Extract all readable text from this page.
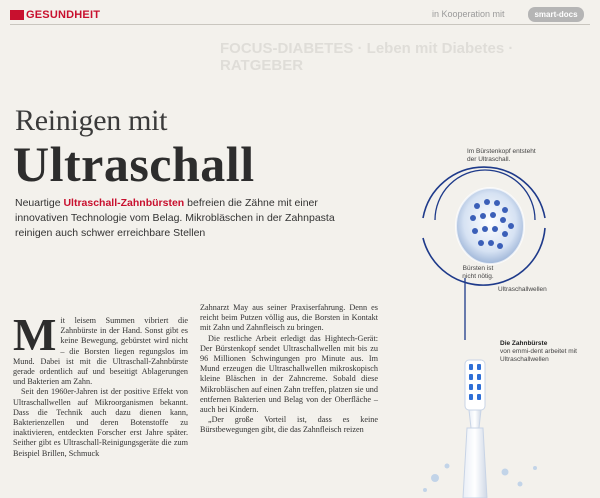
GESUNDHEIT	in Kooperation mit	smart-docs
FOCUS-DIABETES · Leben mit Diabetes · RATGEBER
Reinigen mit
Ultraschall
Neuartige Ultraschall-Zahnbürsten befreien die Zähne mit einer innovativen Technologie vom Belag. Mikrobläschen in der Zahnpasta reinigen auch schwer erreichbare Stellen
M it leisem Summen vibriert die Zahnbürste in der Hand. Sonst gibt es keine Bewegung, gebürstet wird nicht – die Borsten liegen regungslos im Mund. Dabei ist mit die Ultraschall-Zahnbürste gerade ordentlich auf und beseitigt Ablagerungen und Bakterien am Zahn.

Seit den 1960er-Jahren ist der positive Effekt von Ultraschallwellen auf Mikroorganismen bekannt. Dass die Technik auch dazu dienen kann, Bakterienzellen und deren Botenstoffe zu inaktivieren, entdeckten Forscher erst Jahre später. Seither gibt es Ultraschall-Reinigungsgeräte die zum Beispiel Brillen, Schmuck

Zahnarzt May aus seiner Praxiserfahrung. Denn es reicht beim Putzen völlig aus, die Borsten in Kontakt mit Zahn und Zahnfleisch zu bringen.

Die restliche Arbeit erledigt das Hightech-Gerät: Der Bürstenkopf sendet Ultraschallwellen mit bis zu 96 Millionen Schwingungen pro Minute aus. Im Mund erzeugen die Ultraschallwellen mikroskopisch kleine Bläschen in der Zahncreme. Sobald diese Mikrobläschen auf einen Zahn treffen, platzen sie und entfernen Bakterien und Belag von der Oberfläche – auch bei Kindern.

„Der große Vorteil ist, dass es keine Bürstbewegungen gibt, die das Zahnfleisch reizen

Im Bürstenkopf entsteht der Ultraschall.
Bürsten ist nicht nötig.
Ultraschallwellen
Die Zahnbürste
von emmi-dent arbeitet mit Ultraschallwellen
